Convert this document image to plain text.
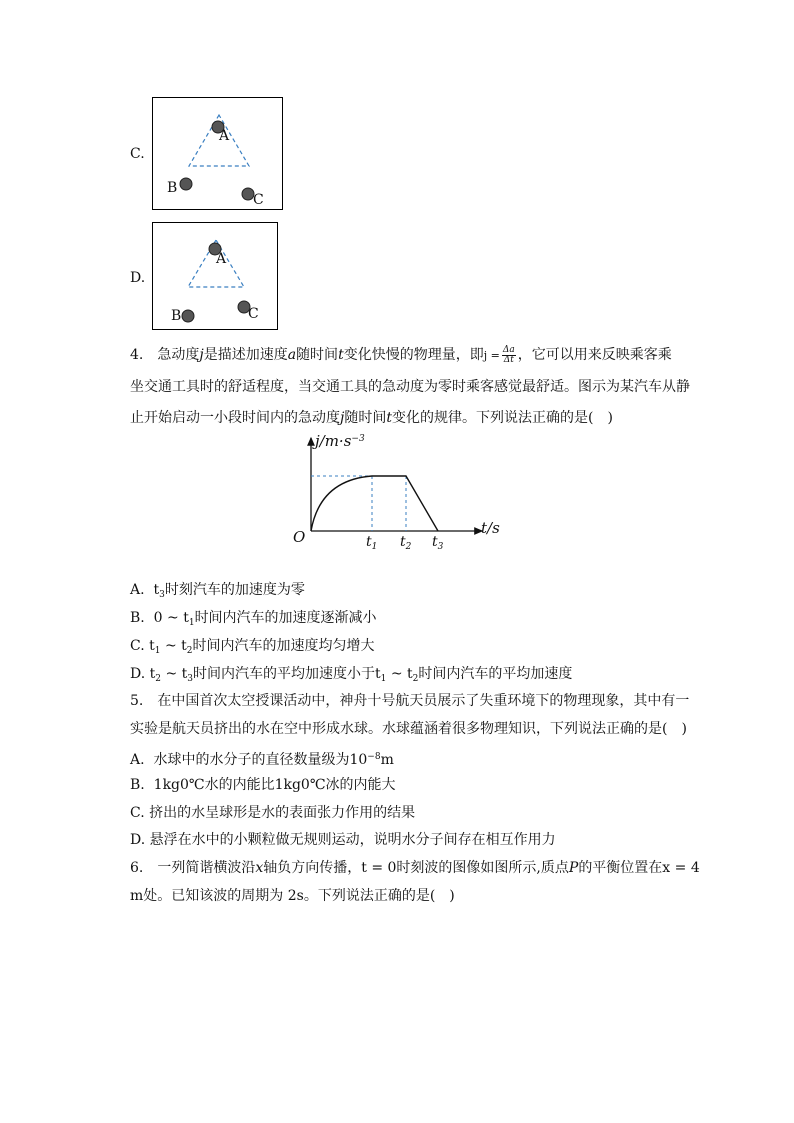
C.
A
B
C
D.
A
B	C
4. 急动度j是描述加速度a随时间t变化快慢的物理量，即$j = \frac{\Delta a}{\Delta t}$ ，它可以用来反映乘客乘
坐交通工具时的舒适程度，当交通工具的急动度为零时乘客感觉最舒适。图示为某汽车从静
止开始启动一小段时间内的急动度j随时间t变化的规律。下列说法正确的是(　)
$j/m\cdot s^{-3}$
t/s
O	$t_1$ $t_2$ $t_3$
A. $t_3$时刻汽车的加速度为零
B. 0 ~ $t_1$时间内汽车的加速度逐渐减小
C. $t_1$ ~ $t_2$时间内汽车的加速度均匀增大
D. $t_2$ ~ $t_3$时间内汽车的平均加速度小于$t_1$ ~ $t_2$时间内汽车的平均加速度
5. 在中国首次太空授课活动中，神舟十号航天员展示了失重环境下的物理现象，其中有一
实验是航天员挤出的水在空中形成水球。水球蕴涵着很多物理知识，下列说法正确的是(　)
A. 水球中的水分子的直径数量级为$10^{-8}m$
B. 1kg0℃水的内能比1kg0℃冰的内能大
C. 挤出的水呈球形是水的表面张力作用的结果
D. 悬浮在水中的小颗粒做无规则运动，说明水分子间存在相互作用力
6. 一列简谐横波沿x轴负方向传播，t = 0时刻波的图像如图所示,质点P的平衡位置在x = 4
m处。已知该波的周期为 2s。下列说法正确的是(　)
